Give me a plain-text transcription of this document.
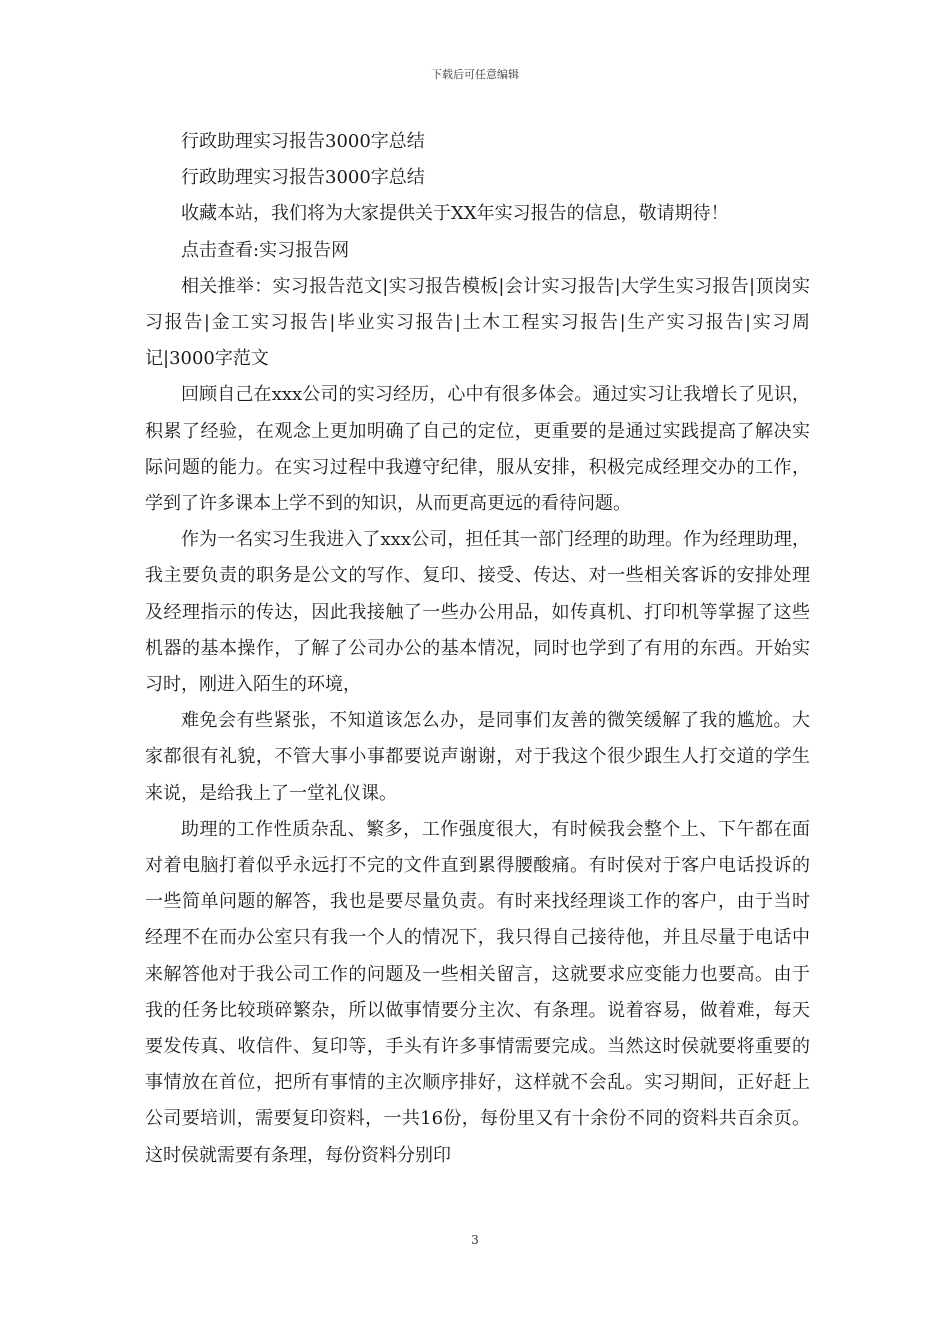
下载后可任意编辑

行政助理实习报告3000字总结

行政助理实习报告3000字总结

收藏本站，我们将为大家提供关于XX年实习报告的信息，敬请期待！

点击查看:实习报告网

相关推举：实习报告范文|实习报告模板|会计实习报告|大学生实习报告|顶岗实习报告|金工实习报告|毕业实习报告|土木工程实习报告|生产实习报告|实习周记|3000字范文

回顾自己在xxx公司的实习经历，心中有很多体会。通过实习让我增长了见识，积累了经验，在观念上更加明确了自己的定位，更重要的是通过实践提高了解决实际问题的能力。在实习过程中我遵守纪律，服从安排，积极完成经理交办的工作，学到了许多课本上学不到的知识，从而更高更远的看待问题。

作为一名实习生我进入了xxx公司，担任其一部门经理的助理。作为经理助理，我主要负责的职务是公文的写作、复印、接受、传达、对一些相关客诉的安排处理及经理指示的传达，因此我接触了一些办公用品，如传真机、打印机等掌握了这些机器的基本操作，了解了公司办公的基本情况，同时也学到了有用的东西。开始实习时，刚进入陌生的环境，

难免会有些紧张，不知道该怎么办，是同事们友善的微笑缓解了我的尴尬。大家都很有礼貌，不管大事小事都要说声谢谢，对于我这个很少跟生人打交道的学生来说，是给我上了一堂礼仪课。

助理的工作性质杂乱、繁多，工作强度很大，有时候我会整个上、下午都在面对着电脑打着似乎永远打不完的文件直到累得腰酸痛。有时侯对于客户电话投诉的一些简单问题的解答，我也是要尽量负责。有时来找经理谈工作的客户，由于当时经理不在而办公室只有我一个人的情况下，我只得自己接待他，并且尽量于电话中来解答他对于我公司工作的问题及一些相关留言，这就要求应变能力也要高。由于我的任务比较琐碎繁杂，所以做事情要分主次、有条理。说着容易，做着难，每天要发传真、收信件、复印等，手头有许多事情需要完成。当然这时侯就要将重要的事情放在首位，把所有事情的主次顺序排好，这样就不会乱。实习期间，正好赶上公司要培训，需要复印资料，一共16份，每份里又有十余份不同的资料共百余页。这时侯就需要有条理，每份资料分别印

3
